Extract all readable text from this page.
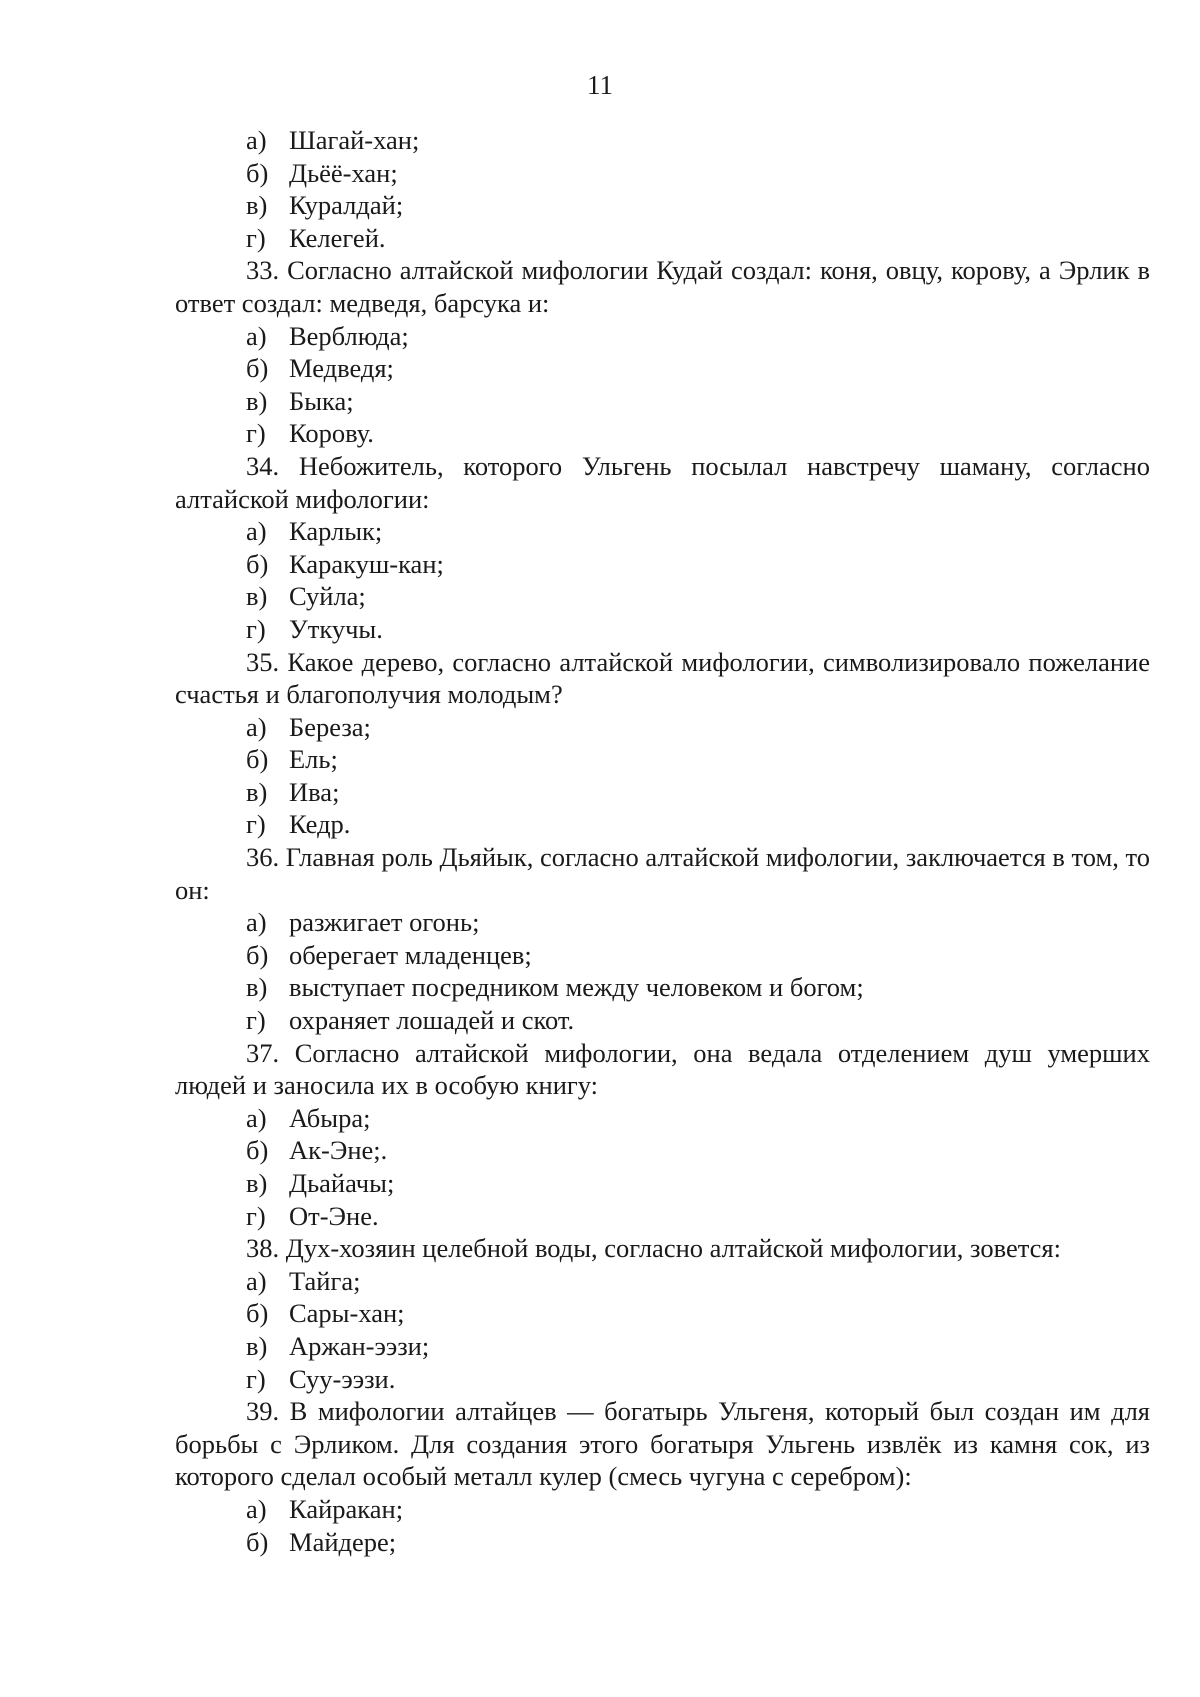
11
а) Шагай-хан;
б) Дьёё-хан;
в) Куралдай;
г) Келегей.

33. Согласно алтайской мифологии Кудай создал: коня, овцу, корову, а Эрлик в ответ создал: медведя, барсука и:

а) Верблюда;
б) Медведя;
в) Быка;
г) Корову.

34. Небожитель, которого Ульгень посылал навстречу шаману, согласно алтайской мифологии:

а) Карлык;
б) Каракуш-кан;
в) Суйла;
г) Уткучы.

35. Какое дерево, согласно алтайской мифологии, символизировало пожелание счастья и благополучия молодым?

а) Береза;
б) Ель;
в) Ива;
г) Кедр.

36. Главная роль Дьяйык, согласно алтайской мифологии, заключается в том, то он:

а) разжигает огонь;
б) оберегает младенцев;
в) выступает посредником между человеком и богом;
г) охраняет лошадей и скот.

37. Согласно алтайской мифологии, она ведала отделением душ умерших людей и заносила их в особую книгу:

а) Абыра;
б) Ак-Эне;.
в) Дьайачы;
г) От-Эне.

38. Дух-хозяин целебной воды, согласно алтайской мифологии, зовется:

а) Тайга;
б) Сары-хан;
в) Аржан-ээзи;
г) Суу-ээзи.

39. В мифологии алтайцев — богатырь Ульгеня, который был создан им для борьбы с Эрликом. Для создания этого богатыря Ульгень извлёк из камня сок, из которого сделал особый металл кулер (смесь чугуна с серебром):

а) Кайракан;
б) Майдере;
